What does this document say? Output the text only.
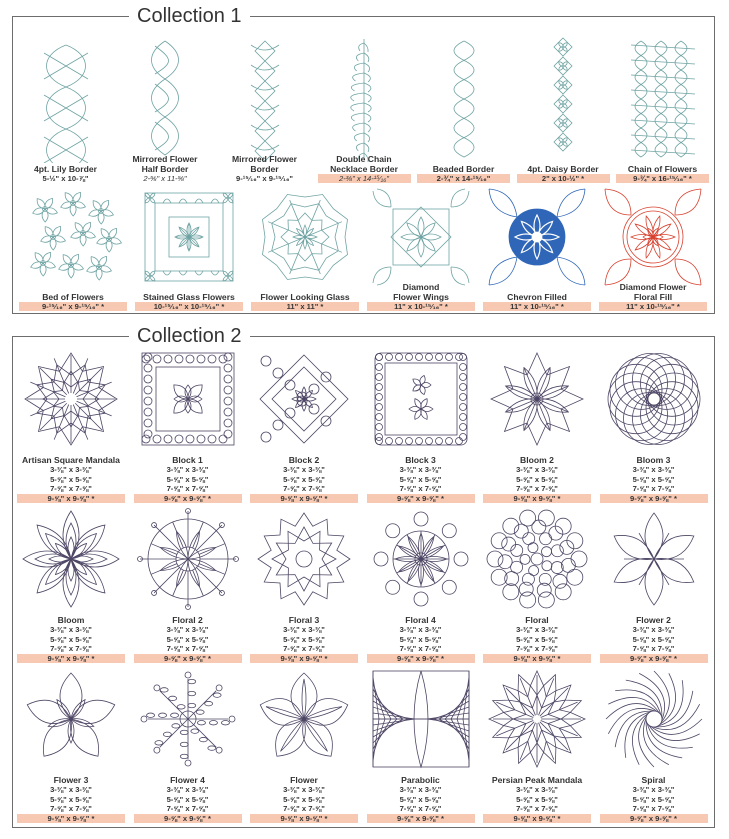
Collection 1
4pt. Lily Border
5-½" x 10-⅞"
Mirrored Flower
Half Border
2-⅝" x 11-⅝"
Mirrored Flower
Border
9-¹⁵⁄₁₆" x 9-¹⁵⁄₁₆"
Double Chain
Necklace Border
2-⅜" x 14-¹⁵⁄₁₆"
Beaded Border
2-¾" x 14-¹⁵⁄₁₆"
4pt. Daisy Border
2" x 10-½" *
Chain of Flowers
9-¾" x 16-¹⁵⁄₁₆" *
Bed of Flowers
9-¹⁵⁄₁₆" x 9-¹⁵⁄₁₆" *
Stained Glass Flowers
10-¹⁵⁄₁₆" x 10-¹⁵⁄₁₆" *
Flower Looking Glass
11" x 11" *
Diamond
Flower Wings
11" x 10-¹⁵⁄₁₆" *
Chevron Filled
11" x 10-¹⁵⁄₁₆" *
Diamond Flower
Floral Fill
11" x 10-¹⁵⁄₁₆" *
Collection 2
Artisan Square Mandala
3-⅜" x 3-⅜"
5-⅝" x 5-⅝"
7-⅝" x 7-⅝"
9-⅝" x 9-⅝" *
Block 1
3-⅜" x 3-⅜"
5-⅝" x 5-⅝"
7-⅝" x 7-⅝"
9-⅝" x 9-⅝" *
Block 2
3-⅜" x 3-⅜"
5-⅝" x 5-⅝"
7-⅝" x 7-⅝"
9-⅝" x 9-⅝" *
Block 3
3-⅜" x 3-⅜"
5-⅝" x 5-⅝"
7-⅝" x 7-⅝"
9-⅝" x 9-⅝" *
Bloom 2
3-⅜" x 3-⅜"
5-⅝" x 5-⅝"
7-⅝" x 7-⅝"
9-⅝" x 9-⅝" *
Bloom 3
3-⅜" x 3-⅜"
5-⅝" x 5-⅝"
7-⅝" x 7-⅝"
9-⅝" x 9-⅝" *
Bloom
3-⅜" x 3-⅜"
5-⅝" x 5-⅝"
7-⅝" x 7-⅝"
9-⅝" x 9-⅝" *
Floral 2
3-⅜" x 3-⅜"
5-⅝" x 5-⅝"
7-⅝" x 7-⅝"
9-⅝" x 9-⅝" *
Floral 3
3-⅜" x 3-⅜"
5-⅝" x 5-⅝"
7-⅝" x 7-⅝"
9-⅝" x 9-⅝" *
Floral 4
3-⅜" x 3-⅜"
5-⅝" x 5-⅝"
7-⅝" x 7-⅝"
9-⅝" x 9-⅝" *
Floral
3-⅜" x 3-⅜"
5-⅝" x 5-⅝"
7-⅝" x 7-⅝"
9-⅝" x 9-⅝" *
Flower 2
3-⅜" x 3-⅜"
5-⅝" x 5-⅝"
7-⅝" x 7-⅝"
9-⅝" x 9-⅝" *
Flower 3
3-⅜" x 3-⅜"
5-⅝" x 5-⅝"
7-⅝" x 7-⅝"
9-⅝" x 9-⅝" *
Flower 4
3-⅜" x 3-⅜"
5-⅝" x 5-⅝"
7-⅝" x 7-⅝"
9-⅝" x 9-⅝" *
Flower
3-⅜" x 3-⅜"
5-⅝" x 5-⅝"
7-⅝" x 7-⅝"
9-⅝" x 9-⅝" *
Parabolic
3-⅜" x 3-⅜"
5-⅝" x 5-⅝"
7-⅝" x 7-⅝"
9-⅝" x 9-⅝" *
Persian Peak Mandala
3-⅜" x 3-⅜"
5-⅝" x 5-⅝"
7-⅝" x 7-⅝"
9-⅝" x 9-⅝" *
Spiral
3-⅜" x 3-⅜"
5-⅝" x 5-⅝"
7-⅝" x 7-⅝"
9-⅝" x 9-⅝" *
